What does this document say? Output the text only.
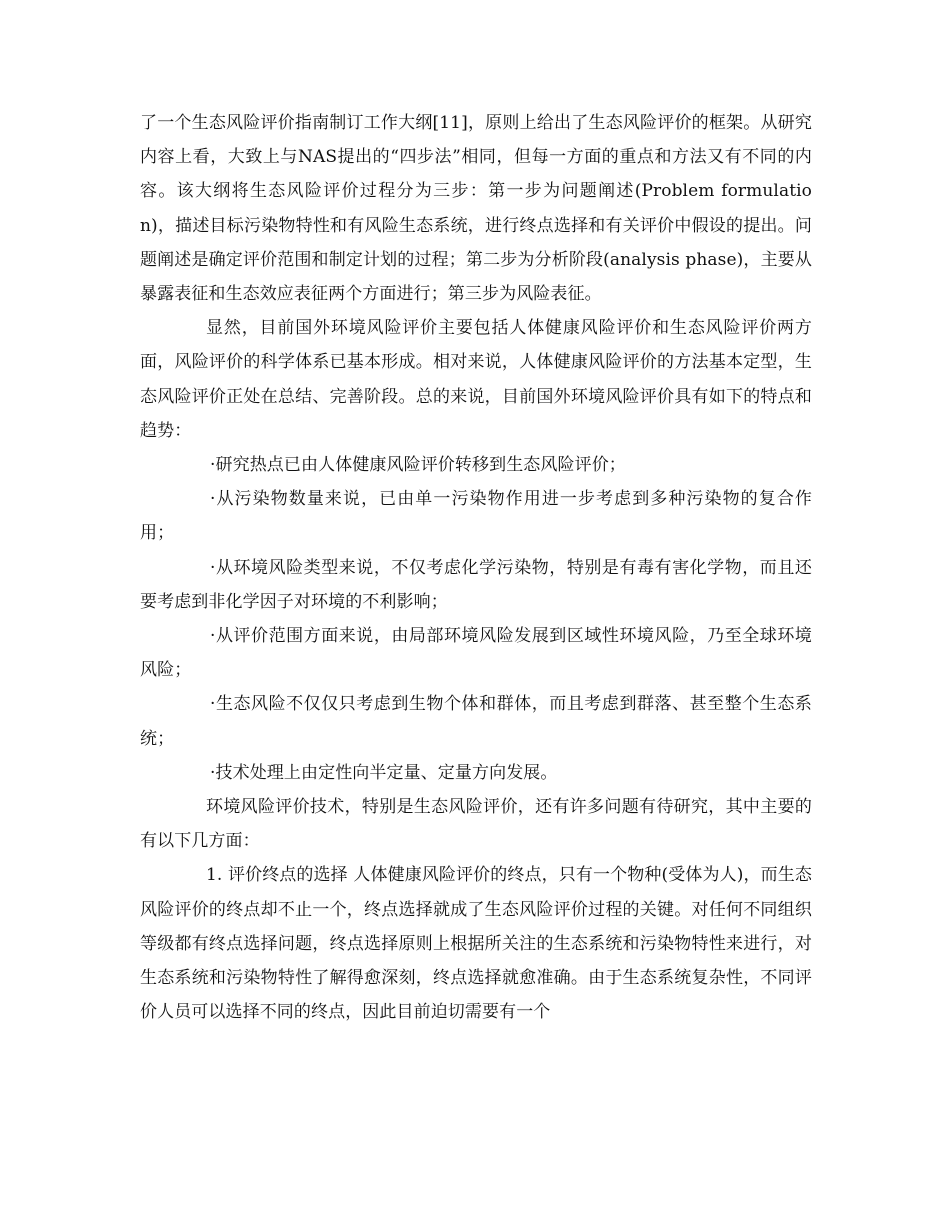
了一个生态风险评价指南制订工作大纲[11]，原则上给出了生态风险评价的框架。从研究内容上看，大致上与NAS提出的“四步法”相同，但每一方面的重点和方法又有不同的内容。该大纲将生态风险评价过程分为三步：第一步为问题阐述(Problem formulation)，描述目标污染物特性和有风险生态系统，进行终点选择和有关评价中假设的提出。问题阐述是确定评价范围和制定计划的过程；第二步为分析阶段(analysis phase)，主要从暴露表征和生态效应表征两个方面进行；第三步为风险表征。

显然，目前国外环境风险评价主要包括人体健康风险评价和生态风险评价两方面，风险评价的科学体系已基本形成。相对来说，人体健康风险评价的方法基本定型，生态风险评价正处在总结、完善阶段。总的来说，目前国外环境风险评价具有如下的特点和趋势：

·研究热点已由人体健康风险评价转移到生态风险评价；

·从污染物数量来说，已由单一污染物作用进一步考虑到多种污染物的复合作用；

·从环境风险类型来说，不仅考虑化学污染物，特别是有毒有害化学物，而且还要考虑到非化学因子对环境的不利影响；

·从评价范围方面来说，由局部环境风险发展到区域性环境风险，乃至全球环境风险；

·生态风险不仅仅只考虑到生物个体和群体，而且考虑到群落、甚至整个生态系统；

·技术处理上由定性向半定量、定量方向发展。

环境风险评价技术，特别是生态风险评价，还有许多问题有待研究，其中主要的有以下几方面：

1. 评价终点的选择 人体健康风险评价的终点，只有一个物种(受体为人)，而生态风险评价的终点却不止一个，终点选择就成了生态风险评价过程的关键。对任何不同组织等级都有终点选择问题，终点选择原则上根据所关注的生态系统和污染物特性来进行，对生态系统和污染物特性了解得愈深刻，终点选择就愈准确。由于生态系统复杂性，不同评价人员可以选择不同的终点，因此目前迫切需要有一个
